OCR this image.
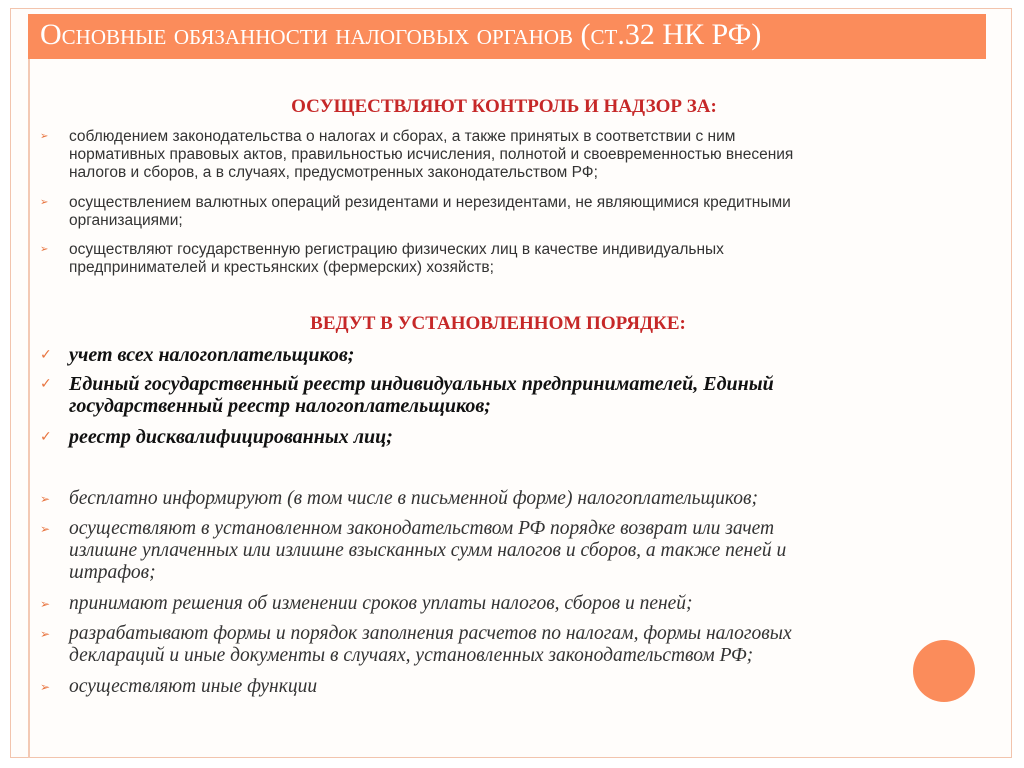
Основные обязанности налоговых органов (ст.32 НК РФ)
ОСУЩЕСТВЛЯЮТ КОНТРОЛЬ И НАДЗОР ЗА:
➢ соблюдением законодательства о налогах и сборах, а также принятых в соответствии с ним
нормативных правовых актов, правильностью исчисления, полнотой и своевременностью внесения
налогов и сборов, а в случаях, предусмотренных законодательством РФ;
➢ осуществлением валютных операций резидентами и нерезидентами, не являющимися кредитными
организациями;
➢ осуществляют государственную регистрацию физических лиц в качестве индивидуальных
предпринимателей и крестьянских (фермерских) хозяйств;
ВЕДУТ В УСТАНОВЛЕННОМ ПОРЯДКЕ:
✓ учет всех налогоплательщиков;
✓ Единый государственный реестр индивидуальных предпринимателей, Единый
государственный реестр налогоплательщиков;
✓ реестр дисквалифицированных лиц;
➢ бесплатно информируют (в том числе в письменной форме) налогоплательщиков;
➢ осуществляют в установленном законодательством РФ порядке возврат или зачет
излишне уплаченных или излишне взысканных сумм налогов и сборов, а также пеней и
штрафов;
➢ принимают решения об изменении сроков уплаты налогов, сборов и пеней;
➢ разрабатывают формы и порядок заполнения расчетов по налогам, формы налоговых
деклараций и иные документы в случаях, установленных законодательством РФ;
➢ осуществляют иные функции
